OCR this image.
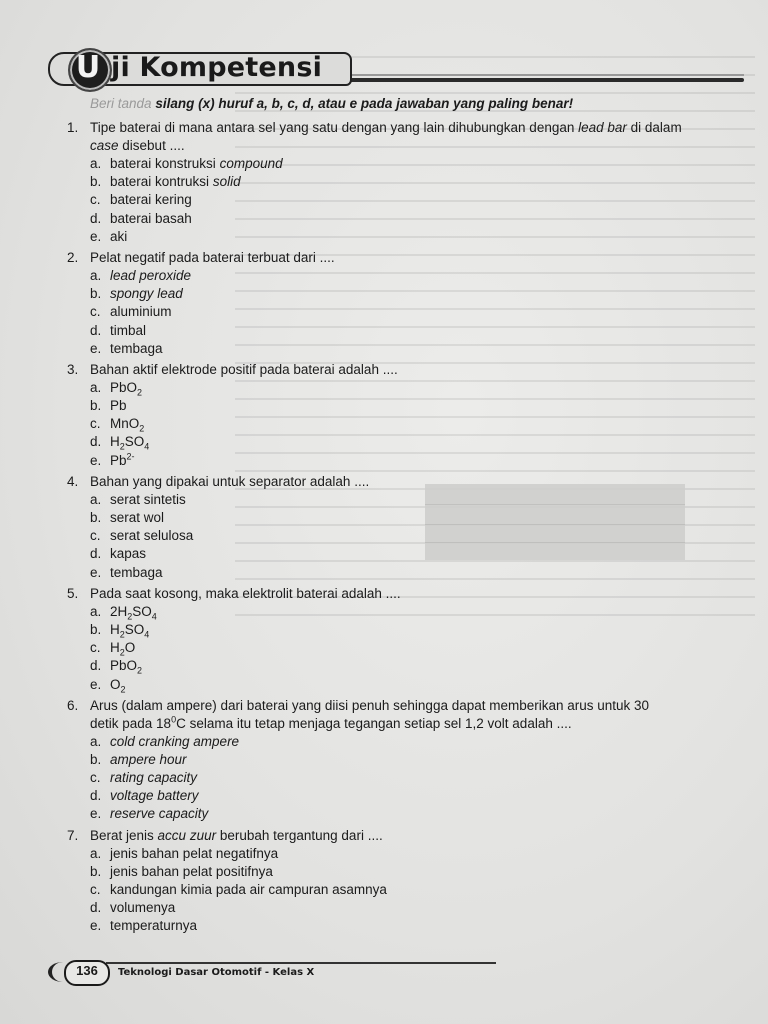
U ji Kompetensi
Beri tanda silang (x) huruf a, b, c, d, atau e pada jawaban yang paling benar!
1. Tipe baterai di mana antara sel yang satu dengan yang lain dihubungkan dengan lead bar di dalam
case disebut ....
a. baterai konstruksi compound
b. baterai kontruksi solid
c. baterai kering
d. baterai basah
e. aki
2. Pelat negatif pada baterai terbuat dari ....
a. lead peroxide
b. spongy lead
c. aluminium
d. timbal
e. tembaga
3. Bahan aktif elektrode positif pada baterai adalah ....
a. PbO$_2$
b. Pb
c. MnO$_2$
d. $H_2SO_4$
e. $Pb^{2-}$
4. Bahan yang dipakai untuk separator adalah ....
a. serat sintetis
b. serat wol
c. serat selulosa
d. kapas
e. tembaga
5. Pada saat kosong, maka elektrolit baterai adalah ....
a. $2H_2SO_4$
b. $H_2SO_4$
c. $H_2O$
d. PbO$_2$
e. $O_2$
6. Arus (dalam ampere) dari baterai yang diisi penuh sehingga dapat memberikan arus untuk 30
detik pada $18^0C$ selama itu tetap menjaga tegangan setiap sel 1,2 volt adalah ....
a. cold cranking ampere
b. ampere hour
c. rating capacity
d. voltage battery
e. reserve capacity
7. Berat jenis accu zuur berubah tergantung dari ....
a. jenis bahan pelat negatifnya
b. jenis bahan pelat positifnya
c. kandungan kimia pada air campuran asamnya
d. volumenya
e. temperaturnya
136	Teknologi Dasar Otomotif - Kelas X
